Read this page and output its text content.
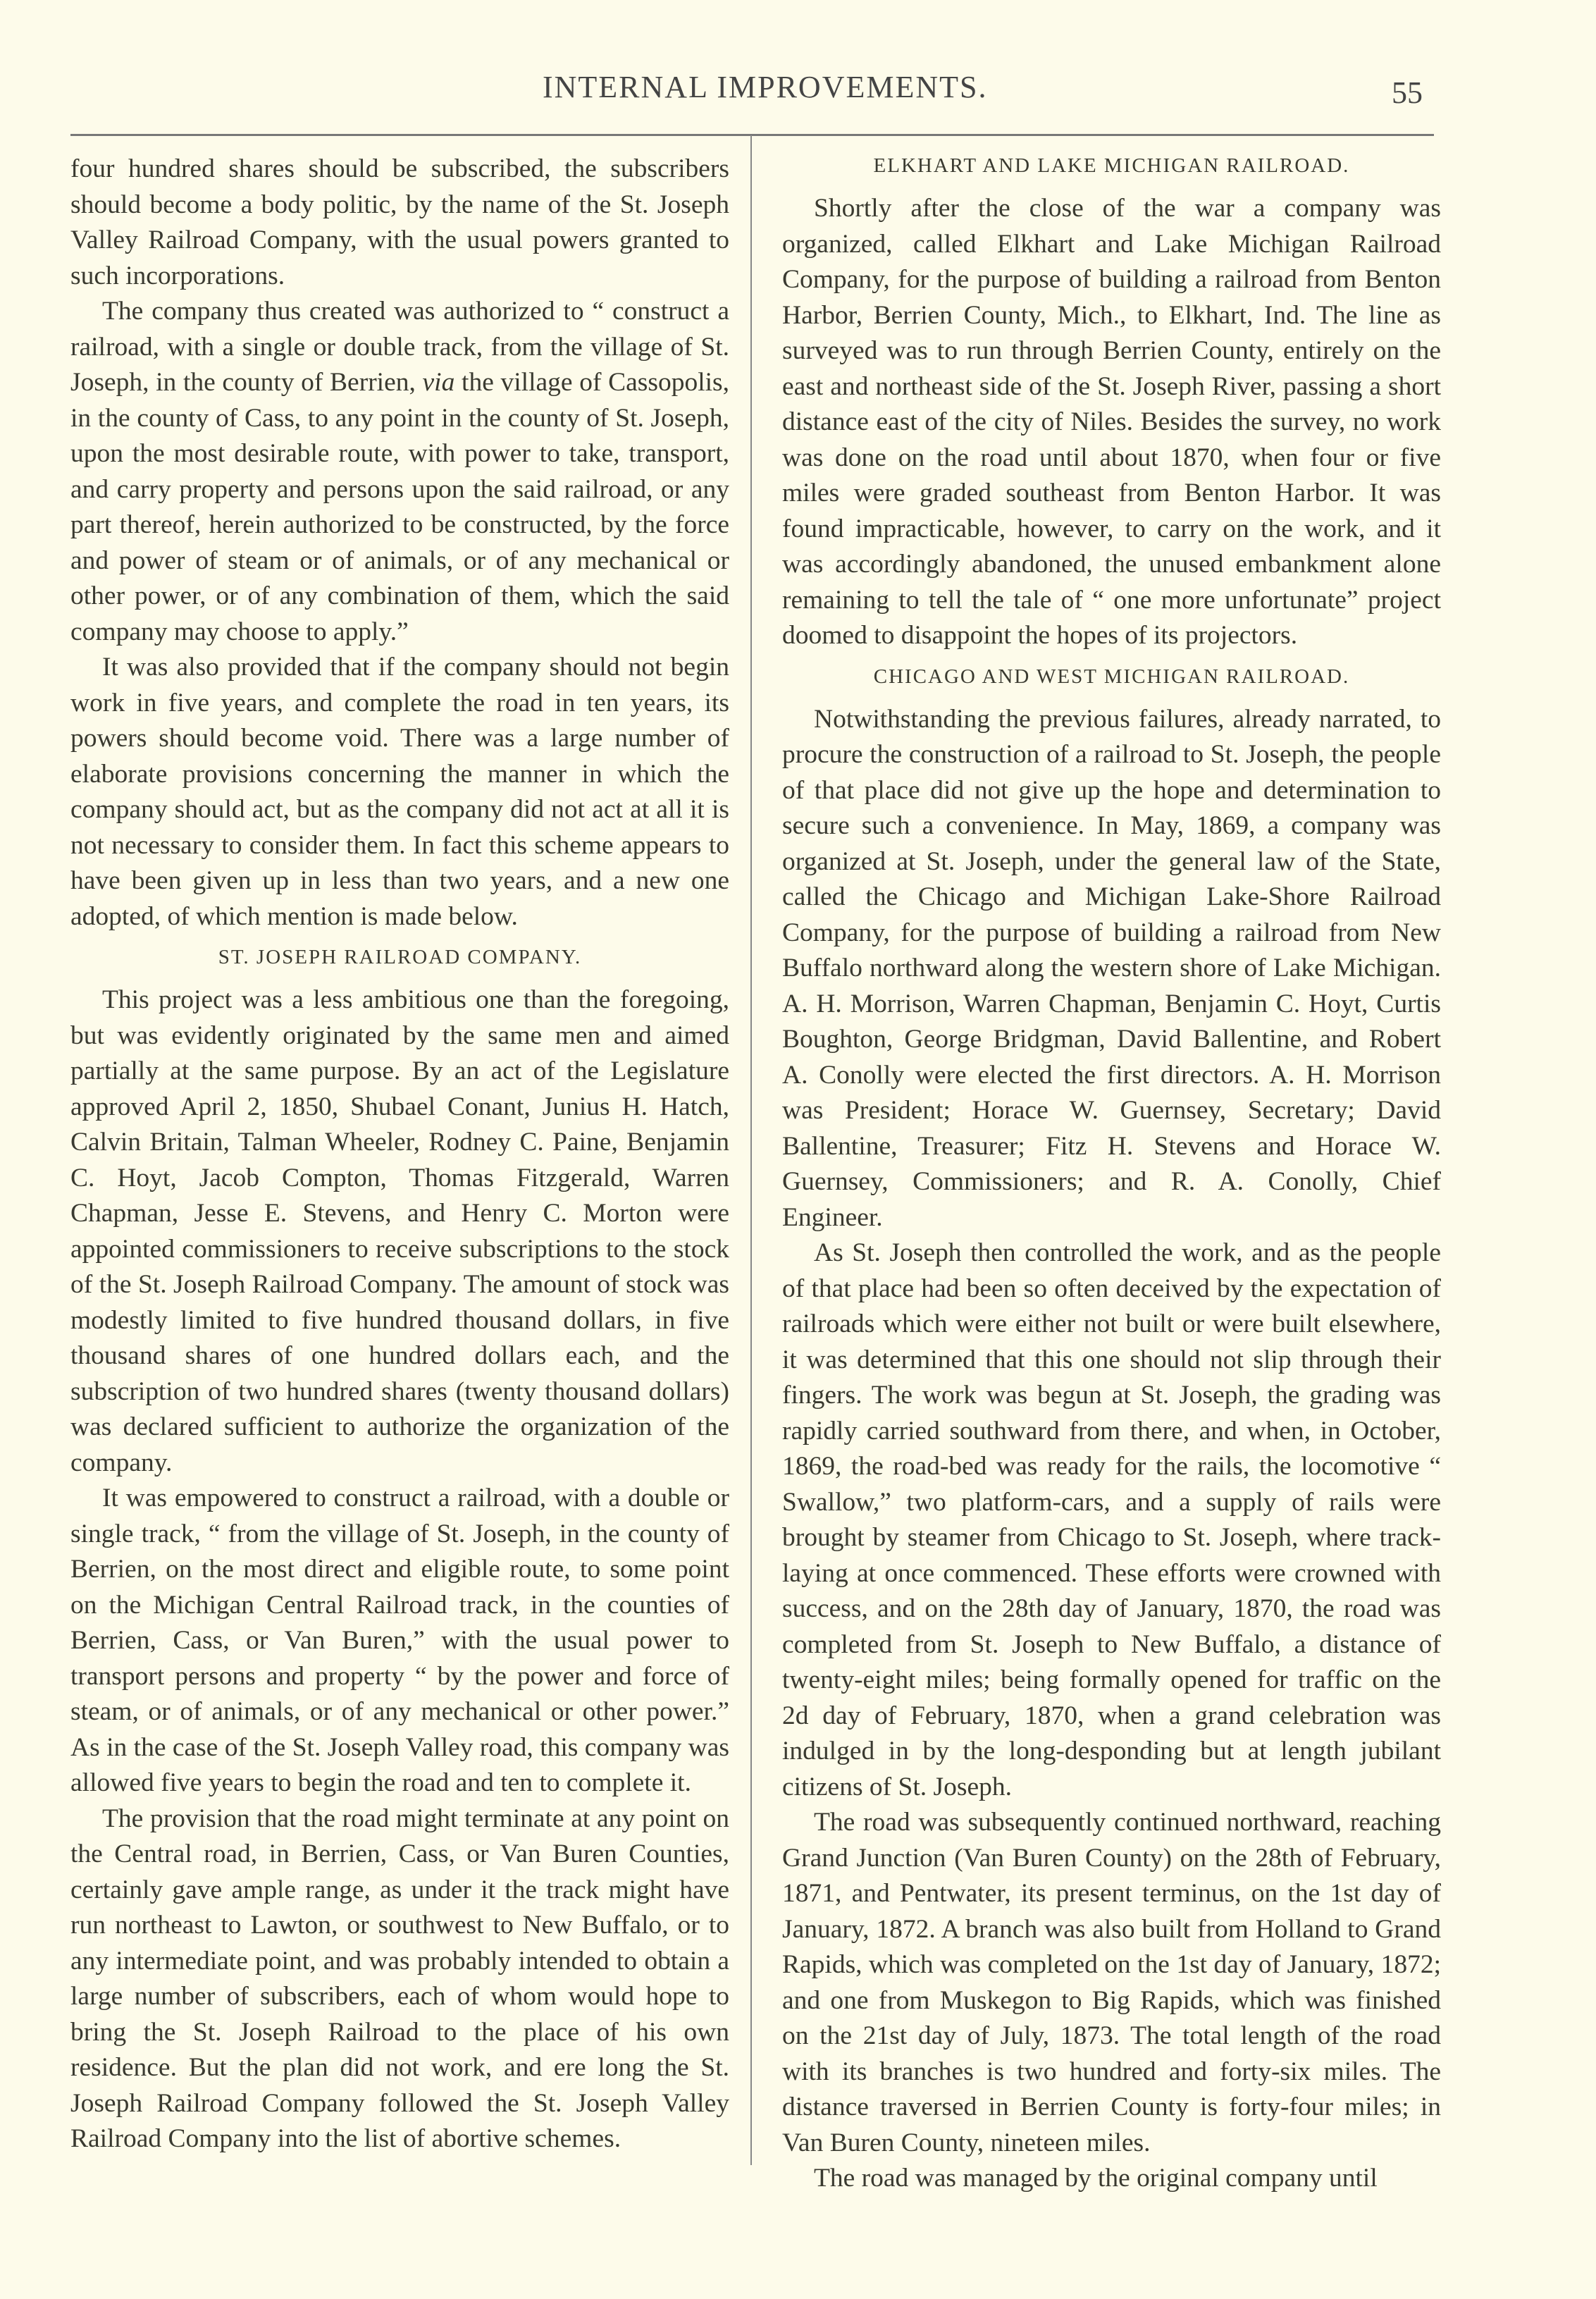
INTERNAL IMPROVEMENTS.	55

four hundred shares should be subscribed, the subscribers should become a body politic, by the name of the St. Joseph Valley Railroad Company, with the usual powers granted to such incorporations.

The company thus created was authorized to “ construct a railroad, with a single or double track, from the village of St. Joseph, in the county of Berrien, via the village of Cassopolis, in the county of Cass, to any point in the county of St. Joseph, upon the most desirable route, with power to take, transport, and carry property and persons upon the said railroad, or any part thereof, herein authorized to be constructed, by the force and power of steam or of animals, or of any mechanical or other power, or of any combination of them, which the said company may choose to apply.”

It was also provided that if the company should not begin work in five years, and complete the road in ten years, its powers should become void. There was a large number of elaborate provisions concerning the manner in which the company should act, but as the company did not act at all it is not necessary to consider them. In fact this scheme appears to have been given up in less than two years, and a new one adopted, of which mention is made below.

ST. JOSEPH RAILROAD COMPANY.

This project was a less ambitious one than the foregoing, but was evidently originated by the same men and aimed partially at the same purpose. By an act of the Legislature approved April 2, 1850, Shubael Conant, Junius H. Hatch, Calvin Britain, Talman Wheeler, Rodney C. Paine, Benjamin C. Hoyt, Jacob Compton, Thomas Fitzgerald, Warren Chapman, Jesse E. Stevens, and Henry C. Morton were appointed commissioners to receive subscriptions to the stock of the St. Joseph Railroad Company. The amount of stock was modestly limited to five hundred thousand dollars, in five thousand shares of one hundred dollars each, and the subscription of two hundred shares (twenty thousand dollars) was declared sufficient to authorize the organization of the company.

It was empowered to construct a railroad, with a double or single track, “ from the village of St. Joseph, in the county of Berrien, on the most direct and eligible route, to some point on the Michigan Central Railroad track, in the counties of Berrien, Cass, or Van Buren,” with the usual power to transport persons and property “ by the power and force of steam, or of animals, or of any mechanical or other power.” As in the case of the St. Joseph Valley road, this company was allowed five years to begin the road and ten to complete it.

The provision that the road might terminate at any point on the Central road, in Berrien, Cass, or Van Buren Counties, certainly gave ample range, as under it the track might have run northeast to Lawton, or southwest to New Buffalo, or to any intermediate point, and was probably intended to obtain a large number of subscribers, each of whom would hope to bring the St. Joseph Railroad to the place of his own residence. But the plan did not work, and ere long the St. Joseph Railroad Company followed the St. Joseph Valley Railroad Company into the list of abortive schemes.

ELKHART AND LAKE MICHIGAN RAILROAD.

Shortly after the close of the war a company was organized, called Elkhart and Lake Michigan Railroad Company, for the purpose of building a railroad from Benton Harbor, Berrien County, Mich., to Elkhart, Ind. The line as surveyed was to run through Berrien County, entirely on the east and northeast side of the St. Joseph River, passing a short distance east of the city of Niles. Besides the survey, no work was done on the road until about 1870, when four or five miles were graded southeast from Benton Harbor. It was found impracticable, however, to carry on the work, and it was accordingly abandoned, the unused embankment alone remaining to tell the tale of “ one more unfortunate” project doomed to disappoint the hopes of its projectors.

CHICAGO AND WEST MICHIGAN RAILROAD.

Notwithstanding the previous failures, already narrated, to procure the construction of a railroad to St. Joseph, the people of that place did not give up the hope and determination to secure such a convenience. In May, 1869, a company was organized at St. Joseph, under the general law of the State, called the Chicago and Michigan Lake-Shore Railroad Company, for the purpose of building a railroad from New Buffalo northward along the western shore of Lake Michigan. A. H. Morrison, Warren Chapman, Benjamin C. Hoyt, Curtis Boughton, George Bridgman, David Ballentine, and Robert A. Conolly were elected the first directors. A. H. Morrison was President; Horace W. Guernsey, Secretary; David Ballentine, Treasurer; Fitz H. Stevens and Horace W. Guernsey, Commissioners; and R. A. Conolly, Chief Engineer.

As St. Joseph then controlled the work, and as the people of that place had been so often deceived by the expectation of railroads which were either not built or were built elsewhere, it was determined that this one should not slip through their fingers. The work was begun at St. Joseph, the grading was rapidly carried southward from there, and when, in October, 1869, the road-bed was ready for the rails, the locomotive “ Swallow,” two platform-cars, and a supply of rails were brought by steamer from Chicago to St. Joseph, where track-laying at once commenced. These efforts were crowned with success, and on the 28th day of January, 1870, the road was completed from St. Joseph to New Buffalo, a distance of twenty-eight miles; being formally opened for traffic on the 2d day of February, 1870, when a grand celebration was indulged in by the long-desponding but at length jubilant citizens of St. Joseph.

The road was subsequently continued northward, reaching Grand Junction (Van Buren County) on the 28th of February, 1871, and Pentwater, its present terminus, on the 1st day of January, 1872. A branch was also built from Holland to Grand Rapids, which was completed on the 1st day of January, 1872; and one from Muskegon to Big Rapids, which was finished on the 21st day of July, 1873. The total length of the road with its branches is two hundred and forty-six miles. The distance traversed in Berrien County is forty-four miles; in Van Buren County, nineteen miles.

The road was managed by the original company until
